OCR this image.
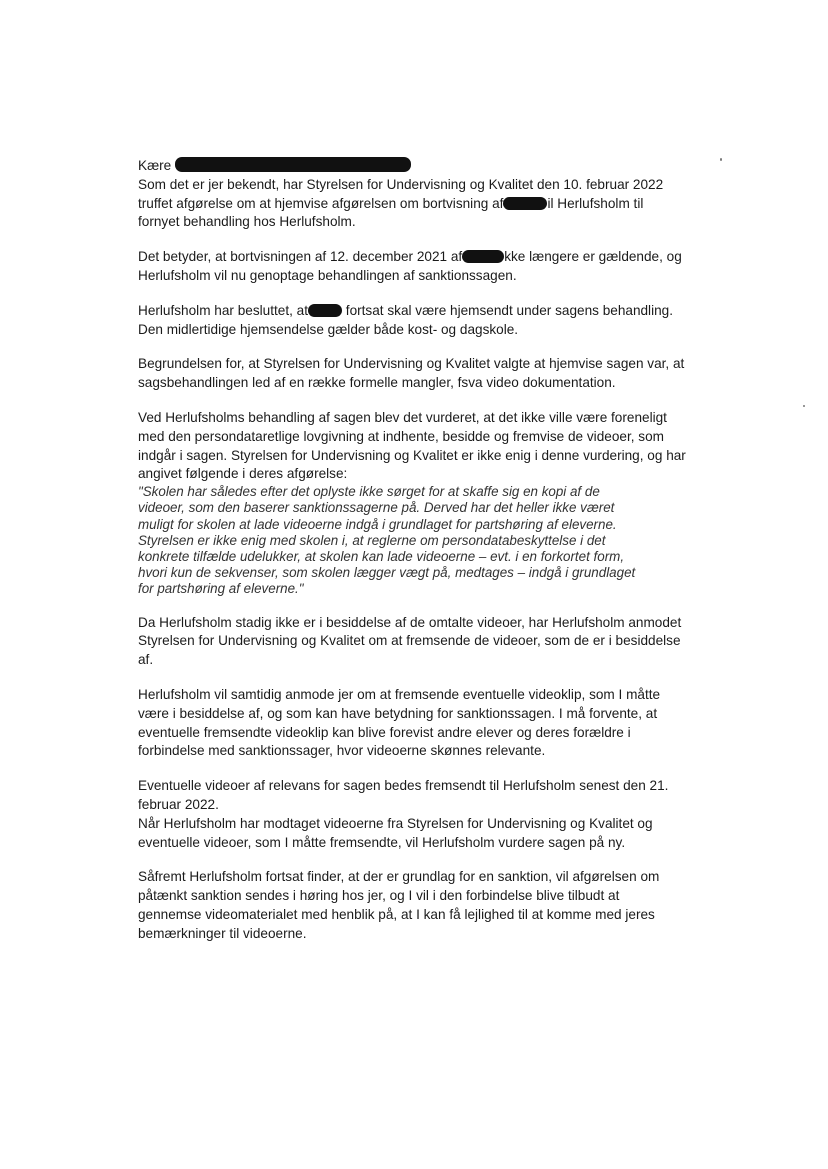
Kære

Som det er jer bekendt, har Styrelsen for Undervisning og Kvalitet den 10. februar 2022 truffet afgørelse om at hjemvise afgørelsen om bortvisning af	il Herlufsholm til fornyet behandling hos Herlufsholm.

Det betyder, at bortvisningen af 12. december 2021 af	kke længere er gældende, og Herlufsholm vil nu genoptage behandlingen af sanktionssagen.

Herlufsholm har besluttet, at	fortsat skal være hjemsendt under sagens behandling. Den midlertidige hjemsendelse gælder både kost- og dagskole.

Begrundelsen for, at Styrelsen for Undervisning og Kvalitet valgte at hjemvise sagen var, at sagsbehandlingen led af en række formelle mangler, fsva video dokumentation.

Ved Herlufsholms behandling af sagen blev det vurderet, at det ikke ville være foreneligt med den persondataretlige lovgivning at indhente, besidde og fremvise de videoer, som indgår i sagen. Styrelsen for Undervisning og Kvalitet er ikke enig i denne vurdering, og har angivet følgende i deres afgørelse:

"Skolen har således efter det oplyste ikke sørget for at skaffe sig en kopi af de videoer, som den baserer sanktionssagerne på. Derved har det heller ikke været muligt for skolen at lade videoerne indgå i grundlaget for partshøring af eleverne. Styrelsen er ikke enig med skolen i, at reglerne om persondatabeskyttelse i det konkrete tilfælde udelukker, at skolen kan lade videoerne – evt. i en forkortet form, hvori kun de sekvenser, som skolen lægger vægt på, medtages – indgå i grundlaget for partshøring af eleverne."

Da Herlufsholm stadig ikke er i besiddelse af de omtalte videoer, har Herlufsholm anmodet Styrelsen for Undervisning og Kvalitet om at fremsende de videoer, som de er i besiddelse af.

Herlufsholm vil samtidig anmode jer om at fremsende eventuelle videoklip, som I måtte være i besiddelse af, og som kan have betydning for sanktionssagen. I må forvente, at eventuelle fremsendte videoklip kan blive forevist andre elever og deres forældre i forbindelse med sanktionssager, hvor videoerne skønnes relevante.

Eventuelle videoer af relevans for sagen bedes fremsendt til Herlufsholm senest den 21. februar 2022.

Når Herlufsholm har modtaget videoerne fra Styrelsen for Undervisning og Kvalitet og eventuelle videoer, som I måtte fremsendte, vil Herlufsholm vurdere sagen på ny.

Såfremt Herlufsholm fortsat finder, at der er grundlag for en sanktion, vil afgørelsen om påtænkt sanktion sendes i høring hos jer, og I vil i den forbindelse blive tilbudt at gennemse videomaterialet med henblik på, at I kan få lejlighed til at komme med jeres bemærkninger til videoerne.
